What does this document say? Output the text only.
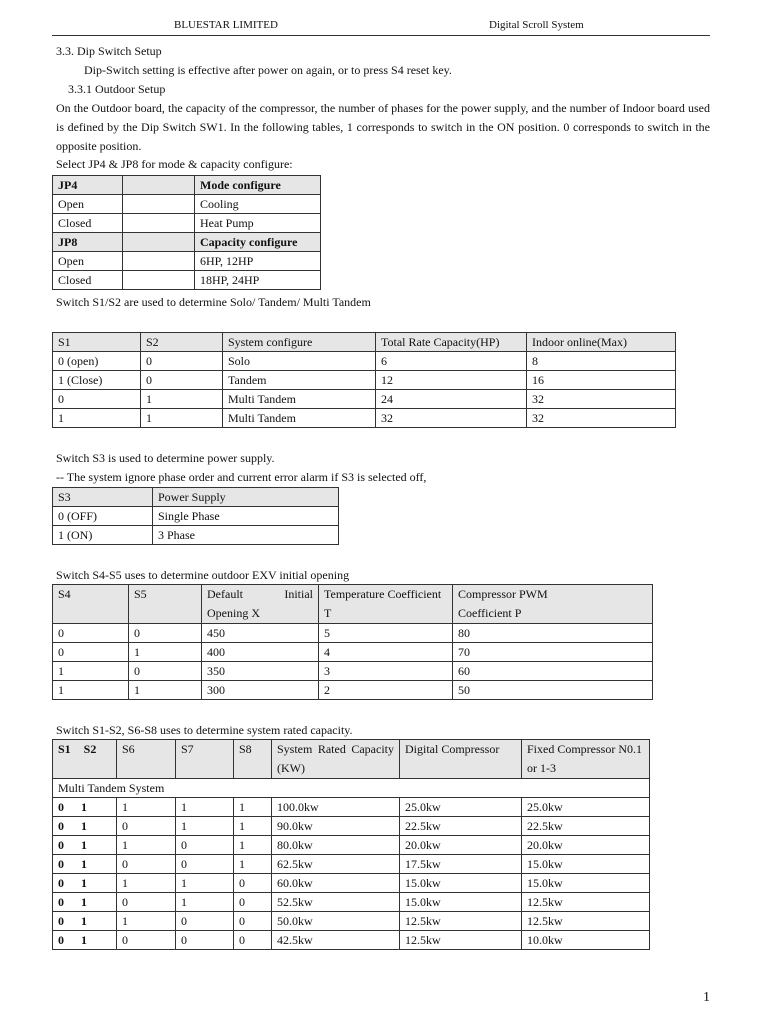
BLUESTAR LIMITED	Digital Scroll System
3.3. Dip Switch Setup
Dip-Switch setting is effective after power on again, or to press S4 reset key.
3.3.1 Outdoor Setup
On the Outdoor board, the capacity of the compressor, the number of phases for the power supply, and the number of Indoor board used is defined by the Dip Switch SW1. In the following tables, 1 corresponds to switch in the ON position. 0 corresponds to switch in the opposite position.
Select JP4 & JP8 for mode & capacity configure:
JP4		Mode configure
Open		Cooling
Closed		Heat Pump
JP8		Capacity configure
Open		6HP, 12HP
Closed		18HP, 24HP
Switch S1/S2 are used to determine Solo/ Tandem/ Multi Tandem
S1	S2	System configure	Total Rate Capacity(HP)	Indoor online(Max)
0 (open)	0	Solo	6	8
1 (Close)	0	Tandem	12	16
0	1	Multi Tandem	24	32
1	1	Multi Tandem	32	32
Switch S3 is used to determine power supply.
-- The system ignore phase order and current error alarm if S3 is selected off,
S3	Power Supply
0 (OFF)	Single Phase
1 (ON)	3 Phase
Switch S4-S5 uses to determine outdoor EXV initial opening
S4	S5	Default Initial Opening X	Temperature Coefficient T	Compressor PWM Coefficient P
0	0	450	5	80
0	1	400	4	70
1	0	350	3	60
1	1	300	2	50
Switch S1-S2, S6-S8 uses to determine system rated capacity.
S1 S2	S6	S7	S8	System Rated Capacity (KW)	Digital Compressor	Fixed Compressor N0.1 or 1-3
Multi Tandem System						
0 1	1	1	1	100.0kw	25.0kw	25.0kw
0 1	0	1	1	90.0kw	22.5kw	22.5kw
0 1	1	0	1	80.0kw	20.0kw	20.0kw
0 1	0	0	1	62.5kw	17.5kw	15.0kw
0 1	1	1	0	60.0kw	15.0kw	15.0kw
0 1	0	1	0	52.5kw	15.0kw	12.5kw
0 1	1	0	0	50.0kw	12.5kw	12.5kw
0 1	0	0	0	42.5kw	12.5kw	10.0kw
1
